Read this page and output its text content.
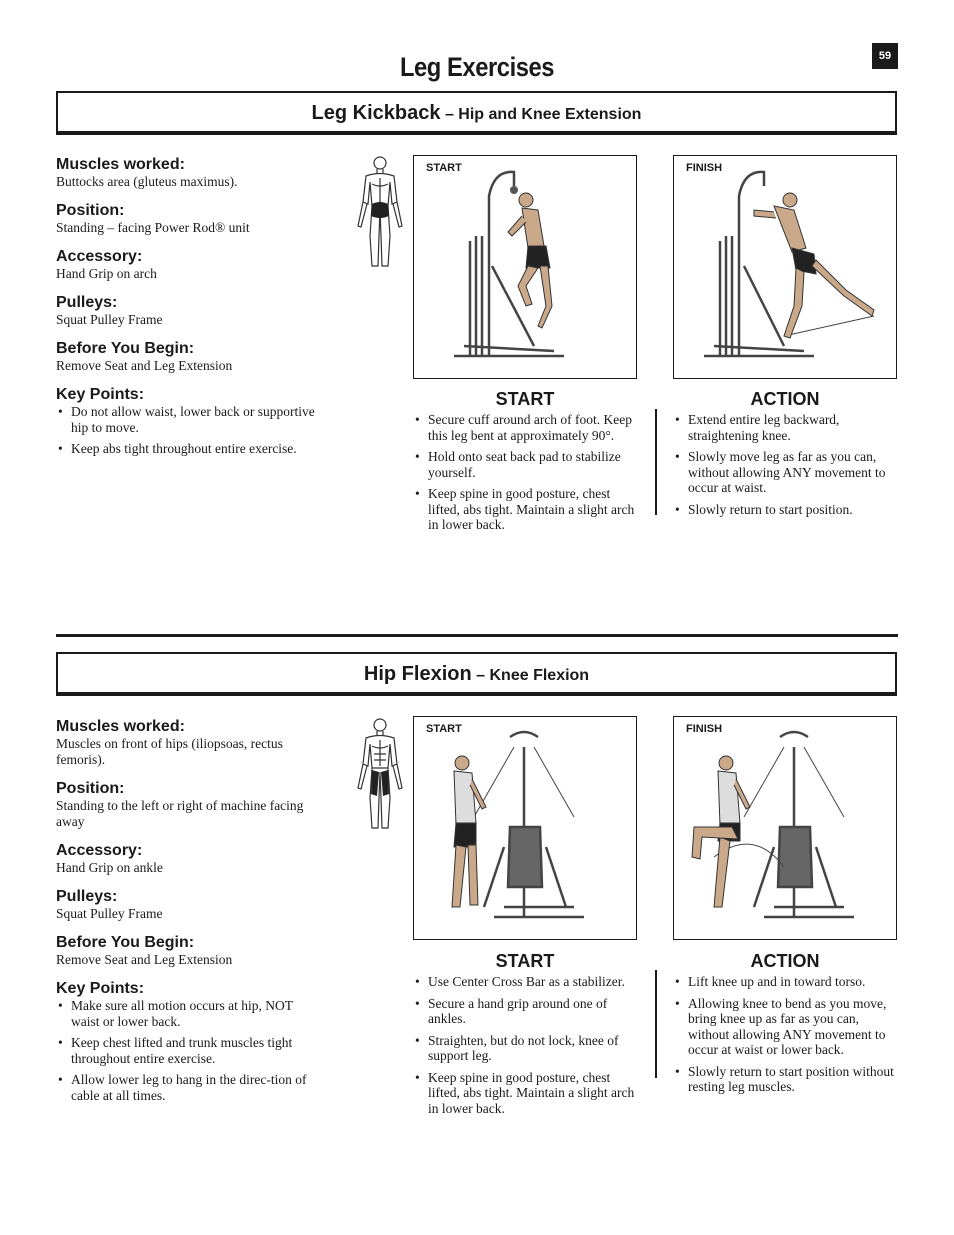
59
Leg Exercises
Leg Kickback – Hip and Knee Extension
Muscles worked:
Buttocks area (gluteus maximus).
Position:
Standing – facing Power Rod® unit
Accessory:
Hand Grip on arch
Pulleys:
Squat Pulley Frame
Before You Begin:
Remove Seat and Leg Extension
Key Points:
• Do not allow waist, lower back or supportive hip to move.
• Keep abs tight throughout entire exercise.
START	FINISH
START
• Secure cuff around arch of foot. Keep this leg bent at approximately 90°.
• Hold onto seat back pad to stabilize yourself.
• Keep spine in good posture, chest lifted, abs tight. Maintain a slight arch in lower back.
ACTION
• Extend entire leg backward, straightening knee.
• Slowly move leg as far as you can, without allowing ANY movement to occur at waist.
• Slowly return to start position.
Hip Flexion – Knee Flexion
Muscles worked:
Muscles on front of hips (iliopsoas, rectus femoris).
Position:
Standing to the left or right of machine facing away
Accessory:
Hand Grip on ankle
Pulleys:
Squat Pulley Frame
Before You Begin:
Remove Seat and Leg Extension
Key Points:
• Make sure all motion occurs at hip, NOT waist or lower back.
• Keep chest lifted and trunk muscles tight throughout entire exercise.
• Allow lower leg to hang in the direc-tion of cable at all times.
START	FINISH
START
• Use Center Cross Bar as a stabilizer.
• Secure a hand grip around one of ankles.
• Straighten, but do not lock, knee of support leg.
• Keep spine in good posture, chest lifted, abs tight. Maintain a slight arch in lower back.
ACTION
• Lift knee up and in toward torso.
• Allowing knee to bend as you move, bring knee up as far as you can, without allowing ANY movement to occur at waist or lower back.
• Slowly return to start position without resting leg muscles.
